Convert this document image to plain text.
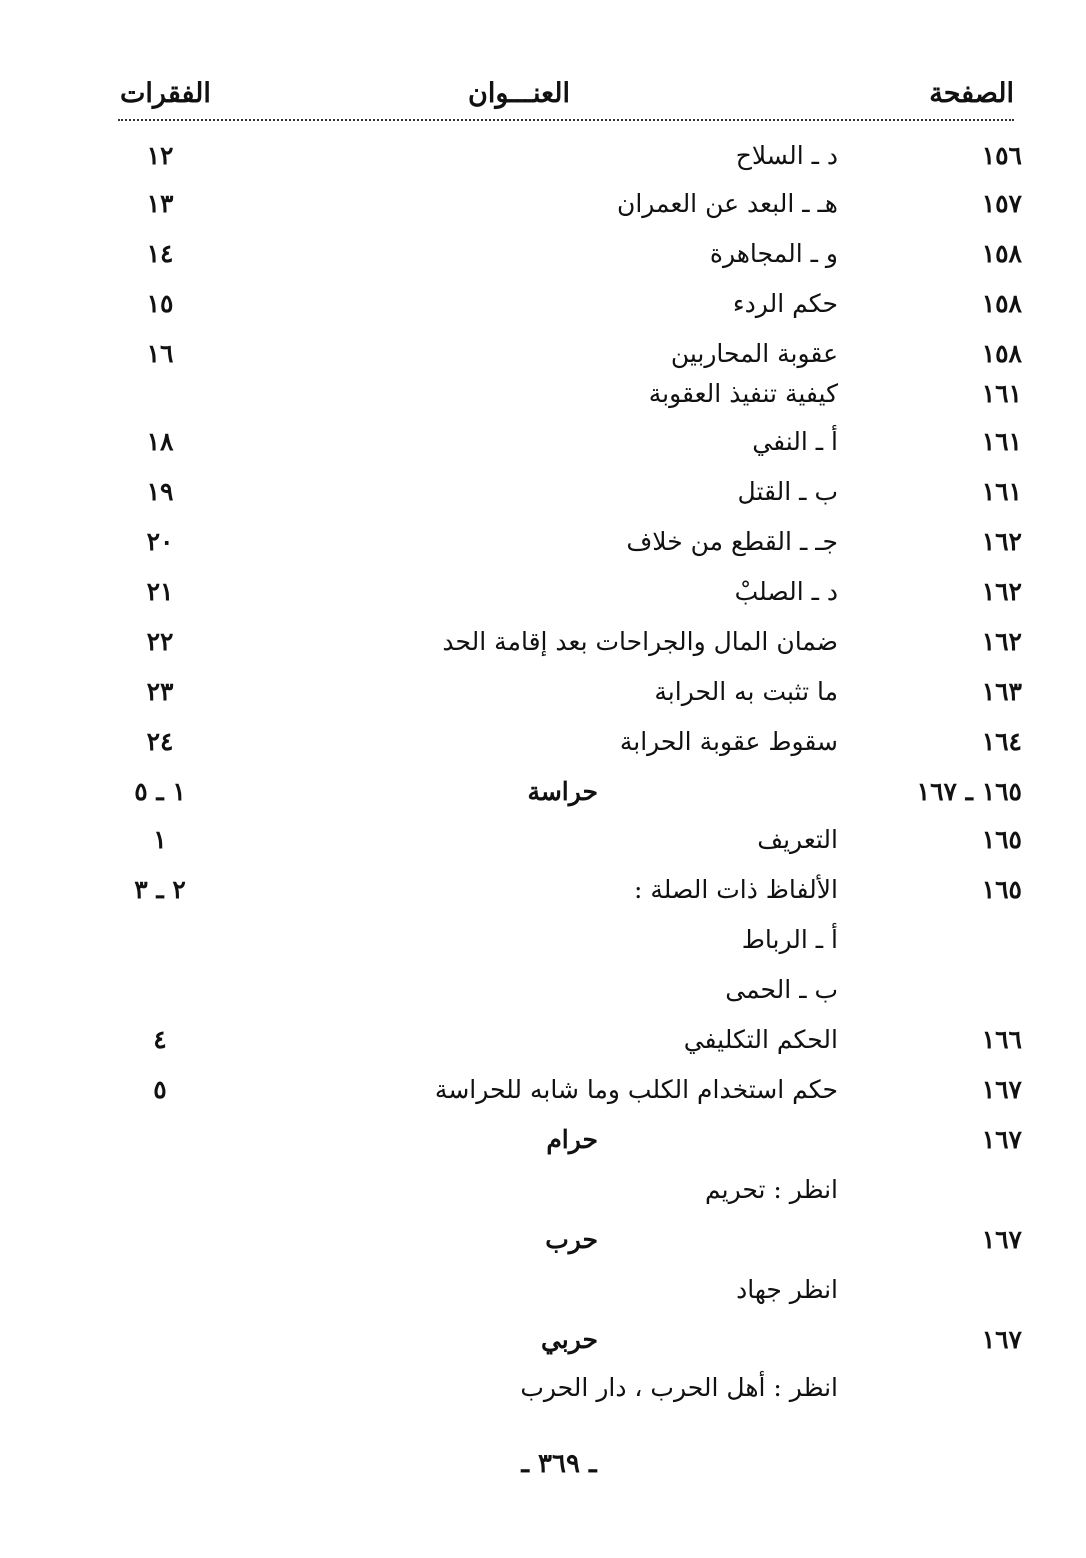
الصفحة
العنـــوان
الفقرات
١٥٦
د ـ السلاح
١٢
١٥٧
هـ ـ البعد عن العمران
١٣
١٥٨
و ـ المجاهرة
١٤
١٥٨
حكم الردء
١٥
١٥٨
عقوبة المحاربين
١٦
١٦١
كيفية تنفيذ العقوبة
١٦١
أ ـ النفي
١٨
١٦١
ب ـ القتل
١٩
١٦٢
جـ ـ القطع من خلاف
٢٠
١٦٢
د ـ الصلبْ
٢١
١٦٢
ضمان المال والجراحات بعد إقامة الحد
٢٢
١٦٣
ما تثبت به الحرابة
٢٣
١٦٤
سقوط عقوبة الحرابة
٢٤
١٦٥ ـ ١٦٧
حراسة
١ ـ ٥
١٦٥
التعريف
١
١٦٥
الألفاظ ذات الصلة :
٢ ـ ٣
أ ـ الرباط
ب ـ الحمى
١٦٦
الحكم التكليفي
٤
١٦٧
حكم استخدام الكلب وما شابه للحراسة
٥
١٦٧
حرام
انظر : تحريم
١٦٧
حرب
انظر جهاد
١٦٧
حربي
انظر : أهل الحرب ، دار الحرب
ـ ٣٦٩ ـ
